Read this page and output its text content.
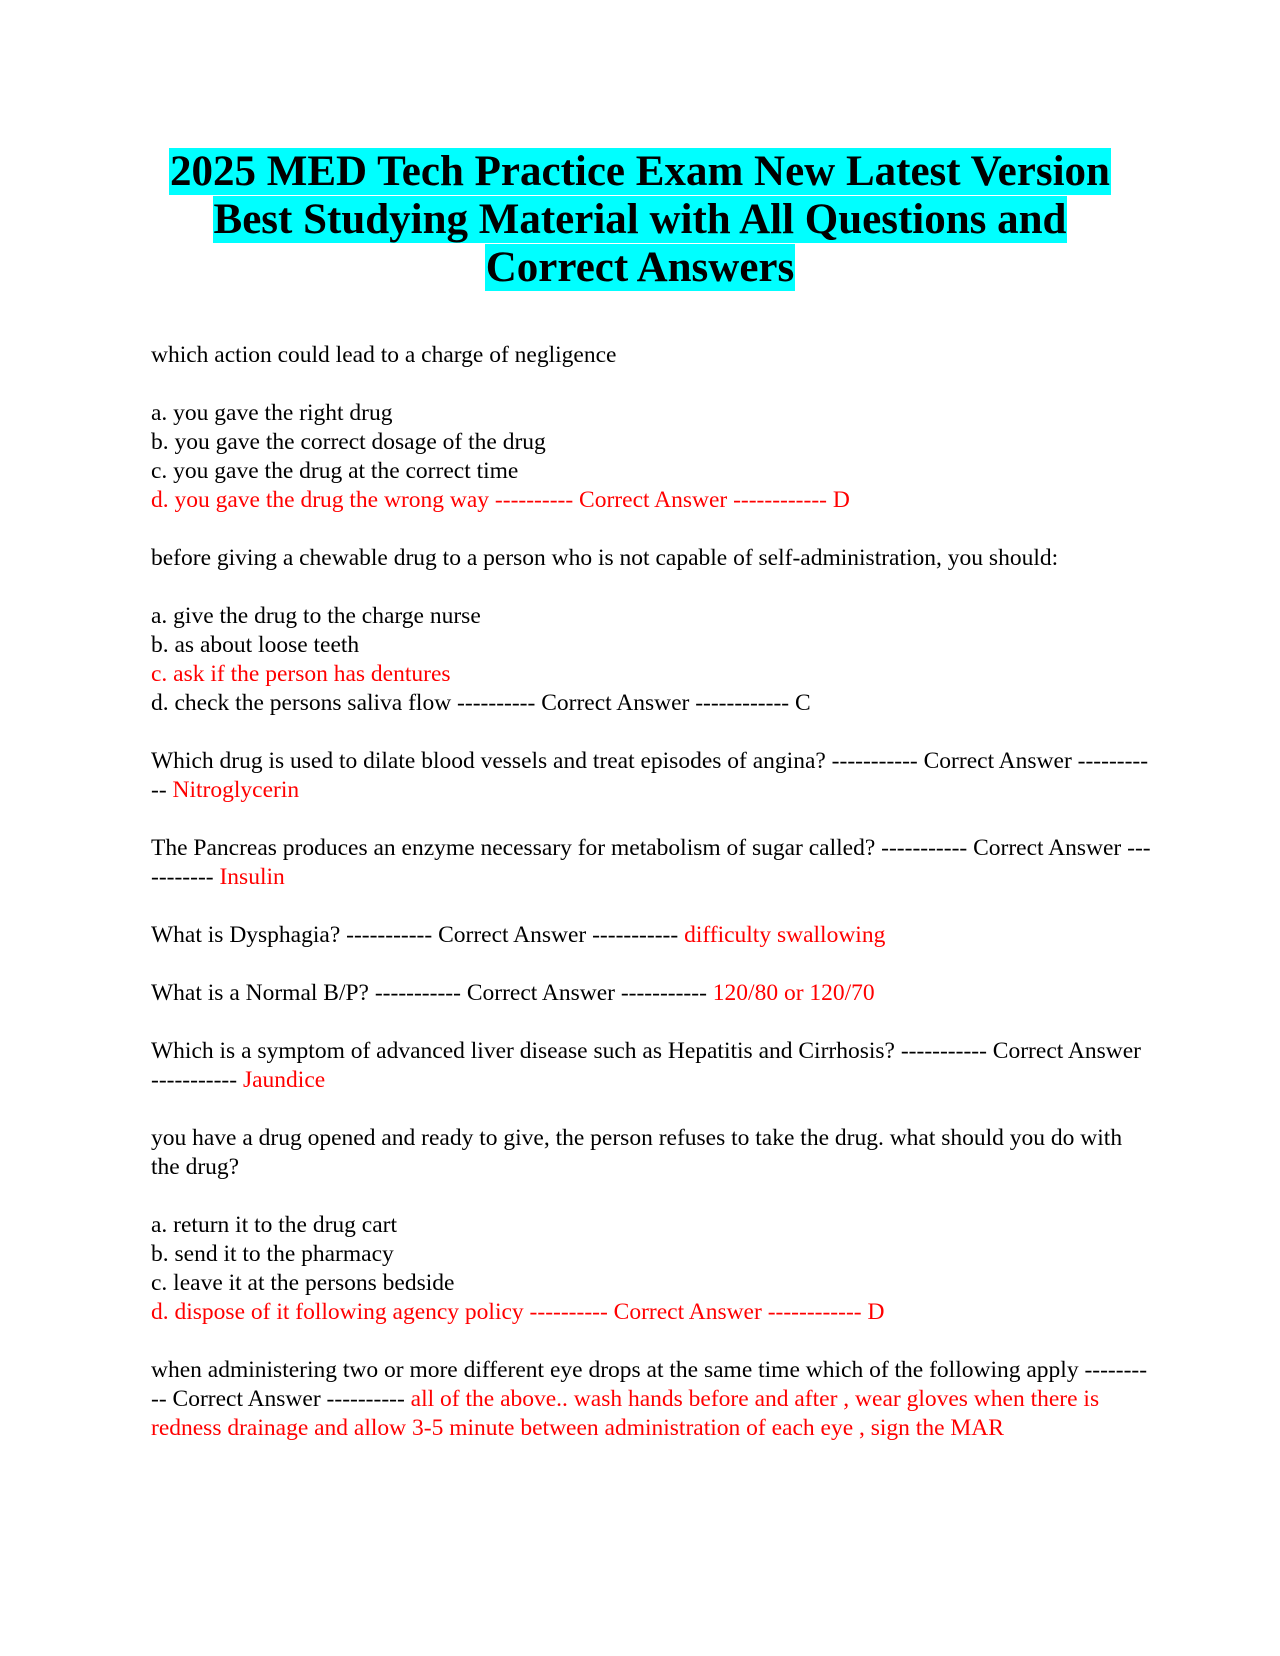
2025 MED Tech Practice Exam New Latest Version
Best Studying Material with All Questions and
Correct Answers

which action could lead to a charge of negligence

a. you gave the right drug

b. you gave the correct dosage of the drug

c. you gave the drug at the correct time

d. you gave the drug the wrong way ---------- Correct Answer ------------ D

before giving a chewable drug to a person who is not capable of self-administration, you should:

a. give the drug to the charge nurse

b. as about loose teeth

c. ask if the person has dentures

d. check the persons saliva flow ---------- Correct Answer ------------ C

Which drug is used to dilate blood vessels and treat episodes of angina? ----------- Correct Answer ----------- Nitroglycerin

The Pancreas produces an enzyme necessary for metabolism of sugar called? ----------- Correct Answer ----------- Insulin

What is Dysphagia? ----------- Correct Answer ----------- difficulty swallowing

What is a Normal B/P? ----------- Correct Answer ----------- 120/80 or 120/70

Which is a symptom of advanced liver disease such as Hepatitis and Cirrhosis? ----------- Correct Answer ----------- Jaundice

you have a drug opened and ready to give, the person refuses to take the drug. what should you do with the drug?

a. return it to the drug cart

b. send it to the pharmacy

c. leave it at the persons bedside

d. dispose of it following agency policy ---------- Correct Answer ------------ D

when administering two or more different eye drops at the same time which of the following apply ---------- Correct Answer ---------- all of the above.. wash hands before and after , wear gloves when there is redness drainage and allow 3-5 minute between administration of each eye , sign the MAR
